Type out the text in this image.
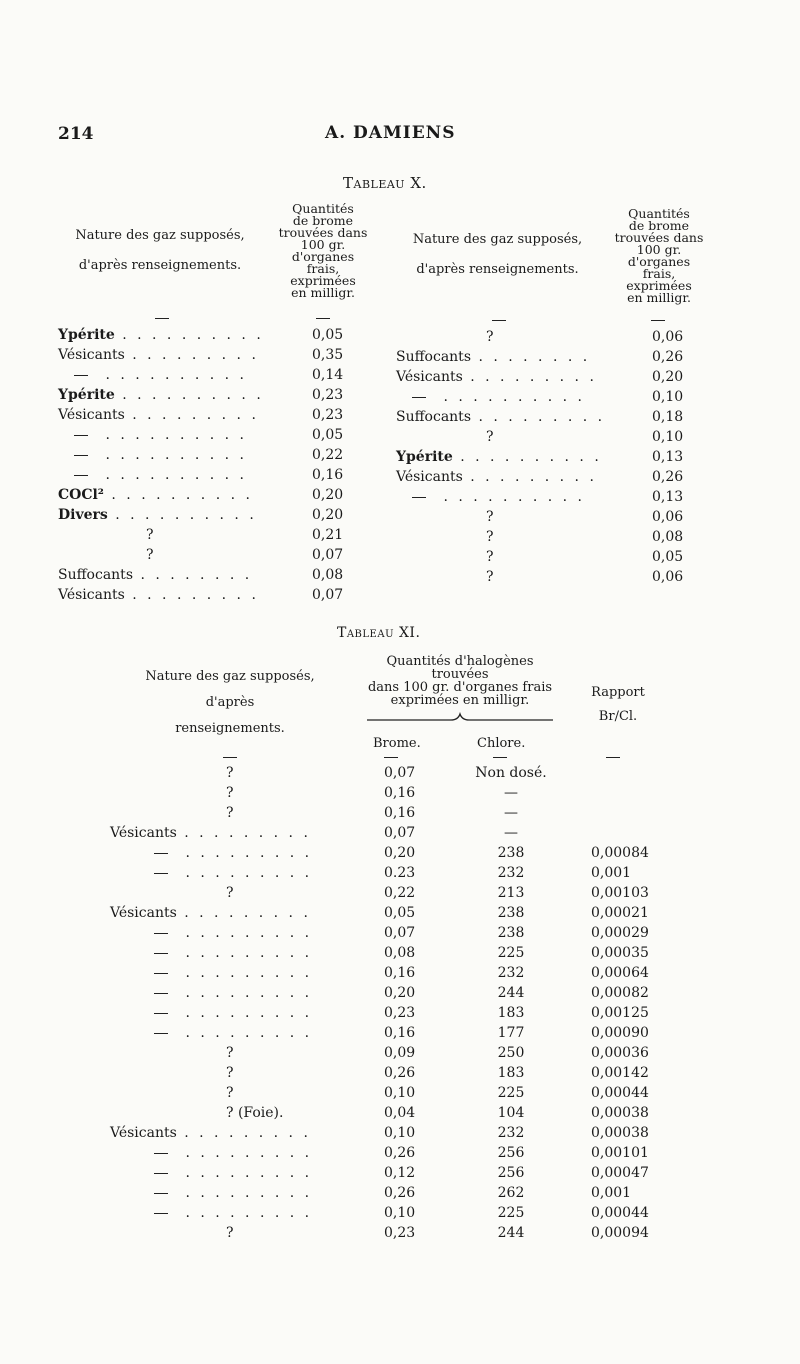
214	A. DAMIENS
Tableau X.
Nature des gaz supposés,
d'après renseignements.
Quantités
de brome
trouvées dans
100 gr.
d'organes
frais,
exprimées
en milligr.
Nature des gaz supposés,
d'après renseignements.
Quantités
de brome
trouvées dans
100 gr.
d'organes
frais,
exprimées
en milligr.
Ypérite . . . . . . . . . .	0,05
Vésicants . . . . . . . . .	0,35
. . . . . . . . . .	0,14
Ypérite . . . . . . . . . .	0,23
Vésicants . . . . . . . . .	0,23
. . . . . . . . . .	0,05
. . . . . . . . . .	0,22
. . . . . . . . . .	0,16
COCl² . . . . . . . . . .	0,20
Divers . . . . . . . . . .	0,20
?	0,21
?	0,07
Suffocants . . . . . . . .	0,08
Vésicants . . . . . . . . .	0,07
?	0,06
Suffocants . . . . . . . .	0,26
Vésicants . . . . . . . . .	0,20
. . . . . . . . . .	0,10
Suffocants . . . . . . . . .	0,18
?	0,10
Ypérite . . . . . . . . . .	0,13
Vésicants . . . . . . . . .	0,26
. . . . . . . . . .	0,13
?	0,06
?	0,08
?	0,05
?	0,06
Tableau XI.
Nature des gaz supposés,
d'après
renseignements.
Quantités d'halogènes
trouvées
dans 100 gr. d'organes frais
exprimées en milligr.
Rapport
Br/Cl.
Brome.	Chlore.
?	0,07	Non dosé.
?	0,16	—
?	0,16	—
Vésicants . . . . . . . . .	0,07	—
. . . . . . . . .	0,20	238	0,00084
. . . . . . . . .	0.23	232	0,001
?	0,22	213	0,00103
Vésicants . . . . . . . . .	0,05	238	0,00021
. . . . . . . . .	0,07	238	0,00029
. . . . . . . . .	0,08	225	0,00035
. . . . . . . . .	0,16	232	0,00064
. . . . . . . . .	0,20	244	0,00082
. . . . . . . . .	0,23	183	0,00125
. . . . . . . . .	0,16	177	0,00090
?	0,09	250	0,00036
?	0,26	183	0,00142
?	0,10	225	0,00044
? (Foie).	0,04	104	0,00038
Vésicants . . . . . . . . .	0,10	232	0,00038
. . . . . . . . .	0,26	256	0,00101
. . . . . . . . .	0,12	256	0,00047
. . . . . . . . .	0,26	262	0,001
. . . . . . . . .	0,10	225	0,00044
?	0,23	244	0,00094
